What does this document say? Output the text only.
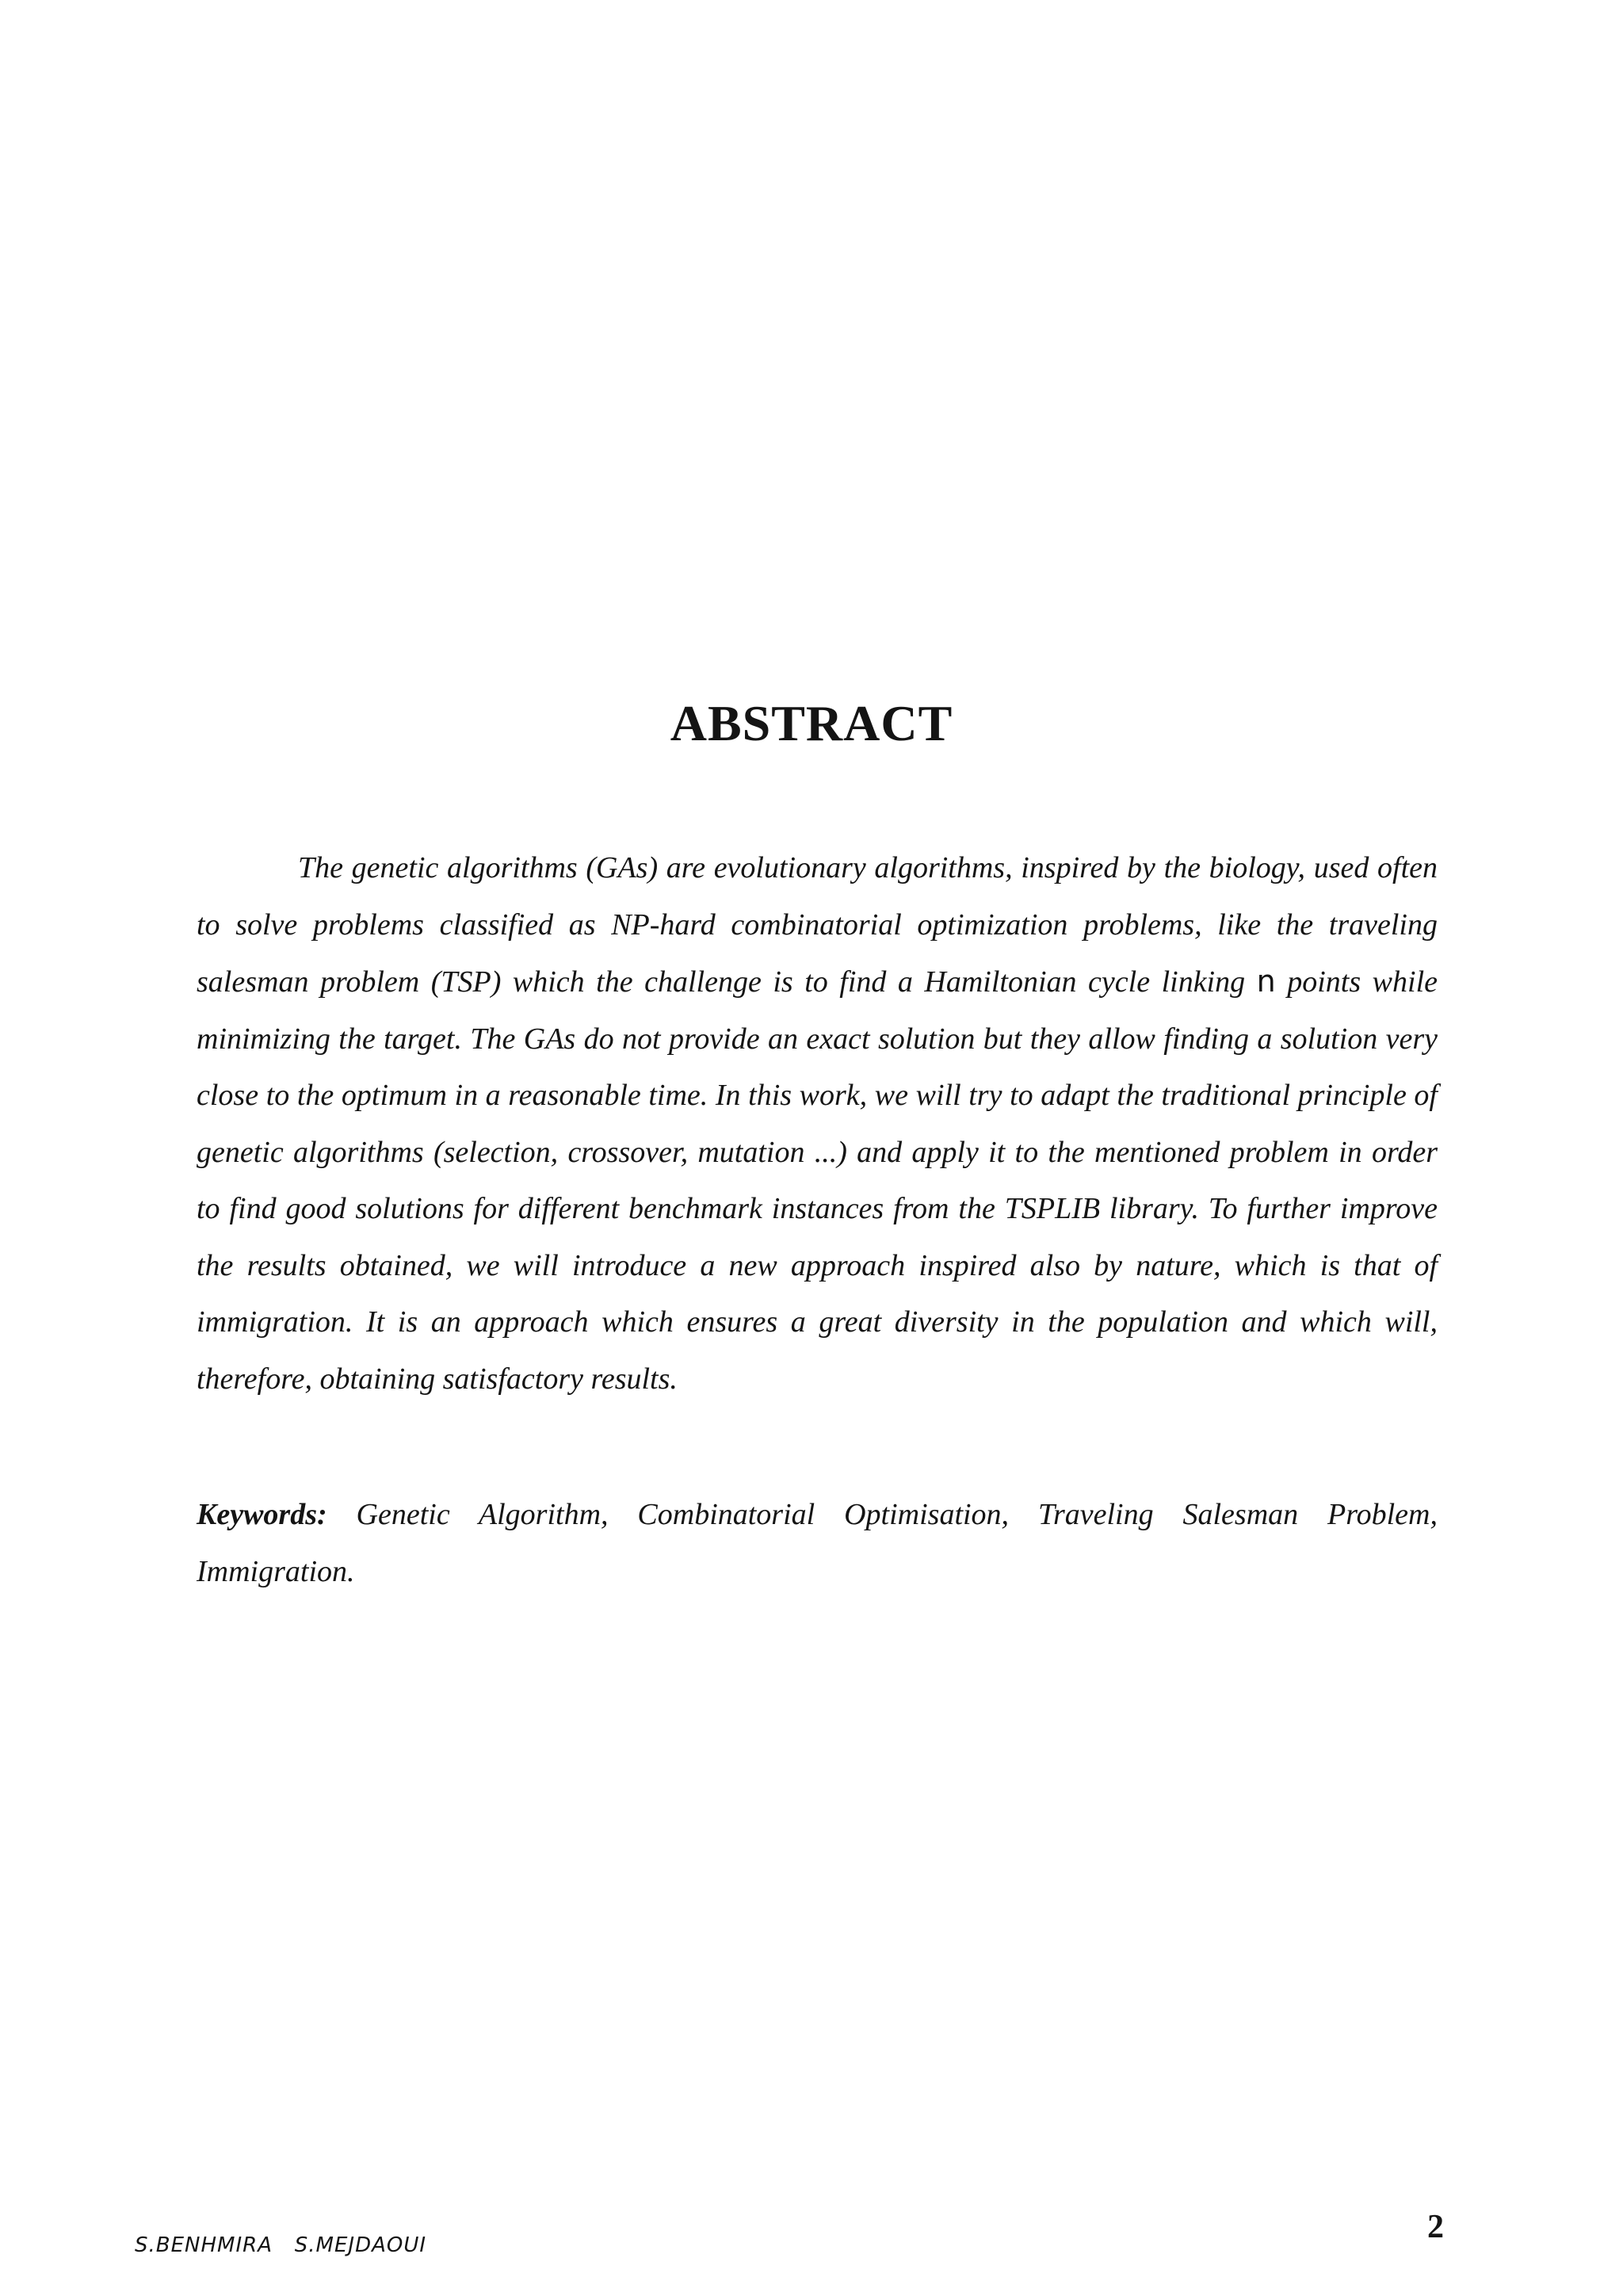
ABSTRACT

The genetic algorithms (GAs) are evolutionary algorithms, inspired by the biology, used often to solve problems classified as NP-hard combinatorial optimization problems, like the traveling salesman problem (TSP) which the challenge is to find a Hamiltonian cycle linking n points while minimizing the target. The GAs do not provide an exact solution but they allow finding a solution very close to the optimum in a reasonable time. In this work, we will try to adapt the traditional principle of genetic algorithms (selection, crossover, mutation ...) and apply it to the mentioned problem in order to find good solutions for different benchmark instances from the TSPLIB library. To further improve the results obtained, we will introduce a new approach inspired also by nature, which is that of immigration. It is an approach which ensures a great diversity in the population and which will, therefore, obtaining satisfactory results.

Keywords: Genetic Algorithm, Combinatorial Optimisation, Traveling Salesman Problem, Immigration.

S.BENHMIRA   S.MEJDAOUI	2
